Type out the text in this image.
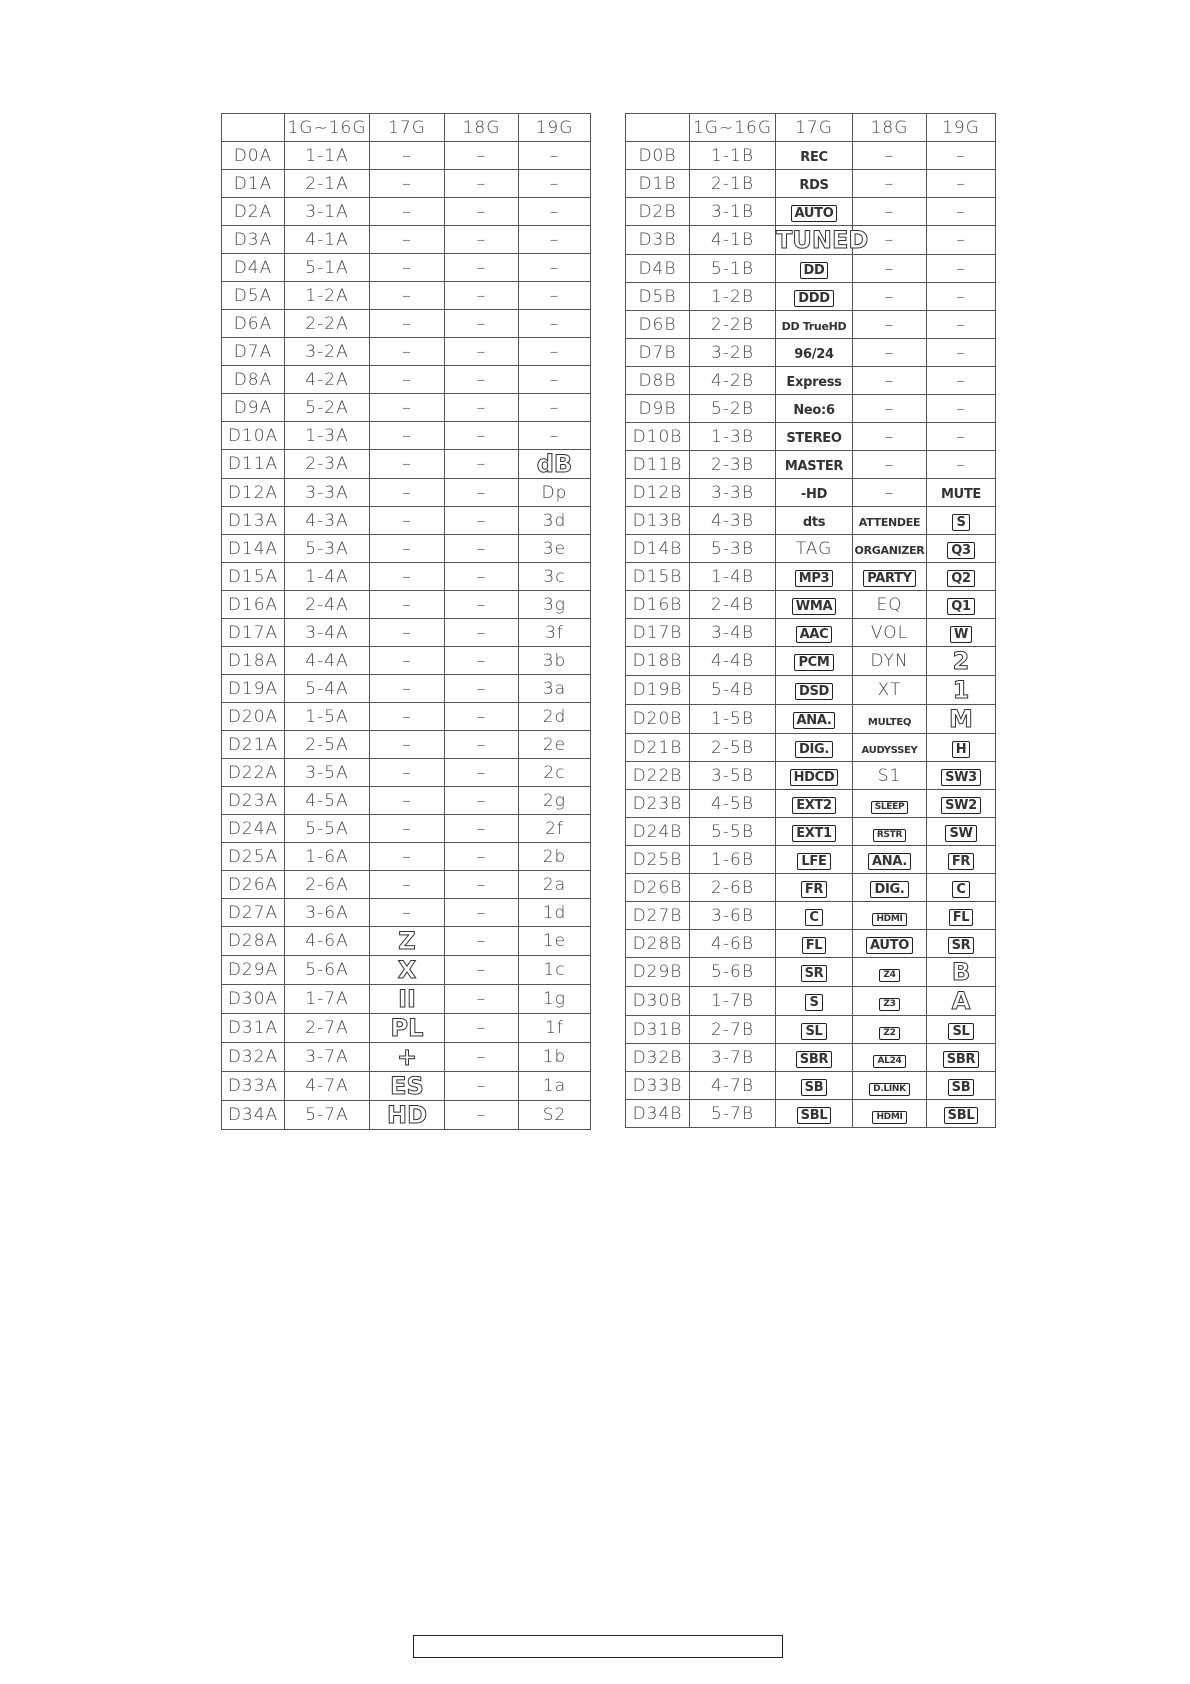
	1G~16G	17G	18G	19G
D0A	1-1A	–	–	–
D1A	2-1A	–	–	–
D2A	3-1A	–	–	–
D3A	4-1A	–	–	–
D4A	5-1A	–	–	–
D5A	1-2A	–	–	–
D6A	2-2A	–	–	–
D7A	3-2A	–	–	–
D8A	4-2A	–	–	–
D9A	5-2A	–	–	–
D10A	1-3A	–	–	–
D11A	2-3A	–	–	dB
D12A	3-3A	–	–	Dp
D13A	4-3A	–	–	3d
D14A	5-3A	–	–	3e
D15A	1-4A	–	–	3c
D16A	2-4A	–	–	3g
D17A	3-4A	–	–	3f
D18A	4-4A	–	–	3b
D19A	5-4A	–	–	3a
D20A	1-5A	–	–	2d
D21A	2-5A	–	–	2e
D22A	3-5A	–	–	2c
D23A	4-5A	–	–	2g
D24A	5-5A	–	–	2f
D25A	1-6A	–	–	2b
D26A	2-6A	–	–	2a
D27A	3-6A	–	–	1d
D28A	4-6A	Z	–	1e
D29A	5-6A	X	–	1c
D30A	1-7A	II	–	1g
D31A	2-7A	PL	–	1f
D32A	3-7A	+	–	1b
D33A	4-7A	ES	–	1a
D34A	5-7A	HD	–	S2
	1G~16G	17G	18G	19G
D0B	1-1B	REC	–	–
D1B	2-1B	RDS	–	–
D2B	3-1B	AUTO	–	–
D3B	4-1B	TUNED	–	–
D4B	5-1B	DD	–	–
D5B	1-2B	DDD	–	–
D6B	2-2B	DD TrueHD	–	–
D7B	3-2B	96/24	–	–
D8B	4-2B	Express	–	–
D9B	5-2B	Neo:6	–	–
D10B	1-3B	STEREO	–	–
D11B	2-3B	MASTER	–	–
D12B	3-3B	-HD	–	MUTE
D13B	4-3B	dts	ATTENDEE	S
D14B	5-3B	TAG	ORGANIZER	Q3
D15B	1-4B	MP3	PARTY	Q2
D16B	2-4B	WMA	EQ	Q1
D17B	3-4B	AAC	VOL	W
D18B	4-4B	PCM	DYN	2
D19B	5-4B	DSD	XT	1
D20B	1-5B	ANA.	MULTEQ	M
D21B	2-5B	DIG.	AUDYSSEY	H
D22B	3-5B	HDCD	S1	SW3
D23B	4-5B	EXT2	SLEEP	SW2
D24B	5-5B	EXT1	RSTR	SW
D25B	1-6B	LFE	ANA.	FR
D26B	2-6B	FR	DIG.	C
D27B	3-6B	C	HDMI	FL
D28B	4-6B	FL	AUTO	SR
D29B	5-6B	SR	Z4	B
D30B	1-7B	S	Z3	A
D31B	2-7B	SL	Z2	SL
D32B	3-7B	SBR	AL24	SBR
D33B	4-7B	SB	D.LINK	SB
D34B	5-7B	SBL	HDMI	SBL
